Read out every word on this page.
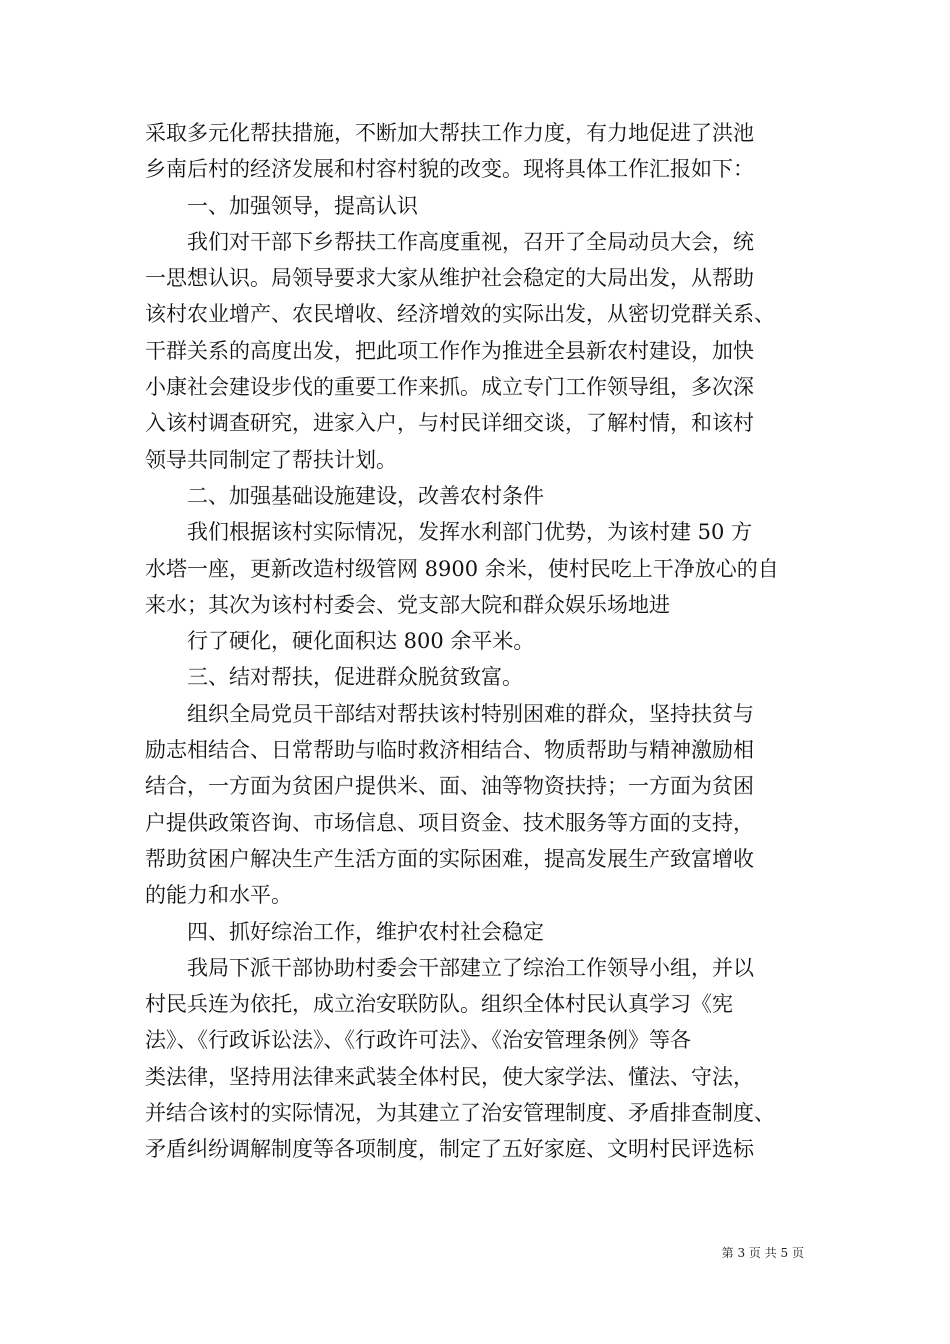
采取多元化帮扶措施，不断加大帮扶工作力度，有力地促进了洪池
乡南后村的经济发展和村容村貌的改变。现将具体工作汇报如下：
一、加强领导，提高认识
我们对干部下乡帮扶工作高度重视，召开了全局动员大会，统
一思想认识。局领导要求大家从维护社会稳定的大局出发，从帮助
该村农业增产、农民增收、经济增效的实际出发，从密切党群关系、
干群关系的高度出发，把此项工作作为推进全县新农村建设，加快
小康社会建设步伐的重要工作来抓。成立专门工作领导组，多次深
入该村调查研究，进家入户，与村民详细交谈，了解村情，和该村
领导共同制定了帮扶计划。
二、加强基础设施建设，改善农村条件
我们根据该村实际情况，发挥水利部门优势，为该村建 50 方
水塔一座，更新改造村级管网 8900 余米，使村民吃上干净放心的自
来水；其次为该村村委会、党支部大院和群众娱乐场地进
行了硬化，硬化面积达 800 余平米。
三、结对帮扶，促进群众脱贫致富。
组织全局党员干部结对帮扶该村特别困难的群众，坚持扶贫与
励志相结合、日常帮助与临时救济相结合、物质帮助与精神激励相
结合，一方面为贫困户提供米、面、油等物资扶持；一方面为贫困
户提供政策咨询、市场信息、项目资金、技术服务等方面的支持，
帮助贫困户解决生产生活方面的实际困难，提高发展生产致富增收
的能力和水平。
四、抓好综治工作，维护农村社会稳定
我局下派干部协助村委会干部建立了综治工作领导小组，并以
村民兵连为依托，成立治安联防队。组织全体村民认真学习《宪
法》、《行政诉讼法》、《行政许可法》、《治安管理条例》等各
类法律，坚持用法律来武装全体村民，使大家学法、懂法、守法，
并结合该村的实际情况，为其建立了治安管理制度、矛盾排查制度、
矛盾纠纷调解制度等各项制度，制定了五好家庭、文明村民评选标
第 3 页 共 5 页
